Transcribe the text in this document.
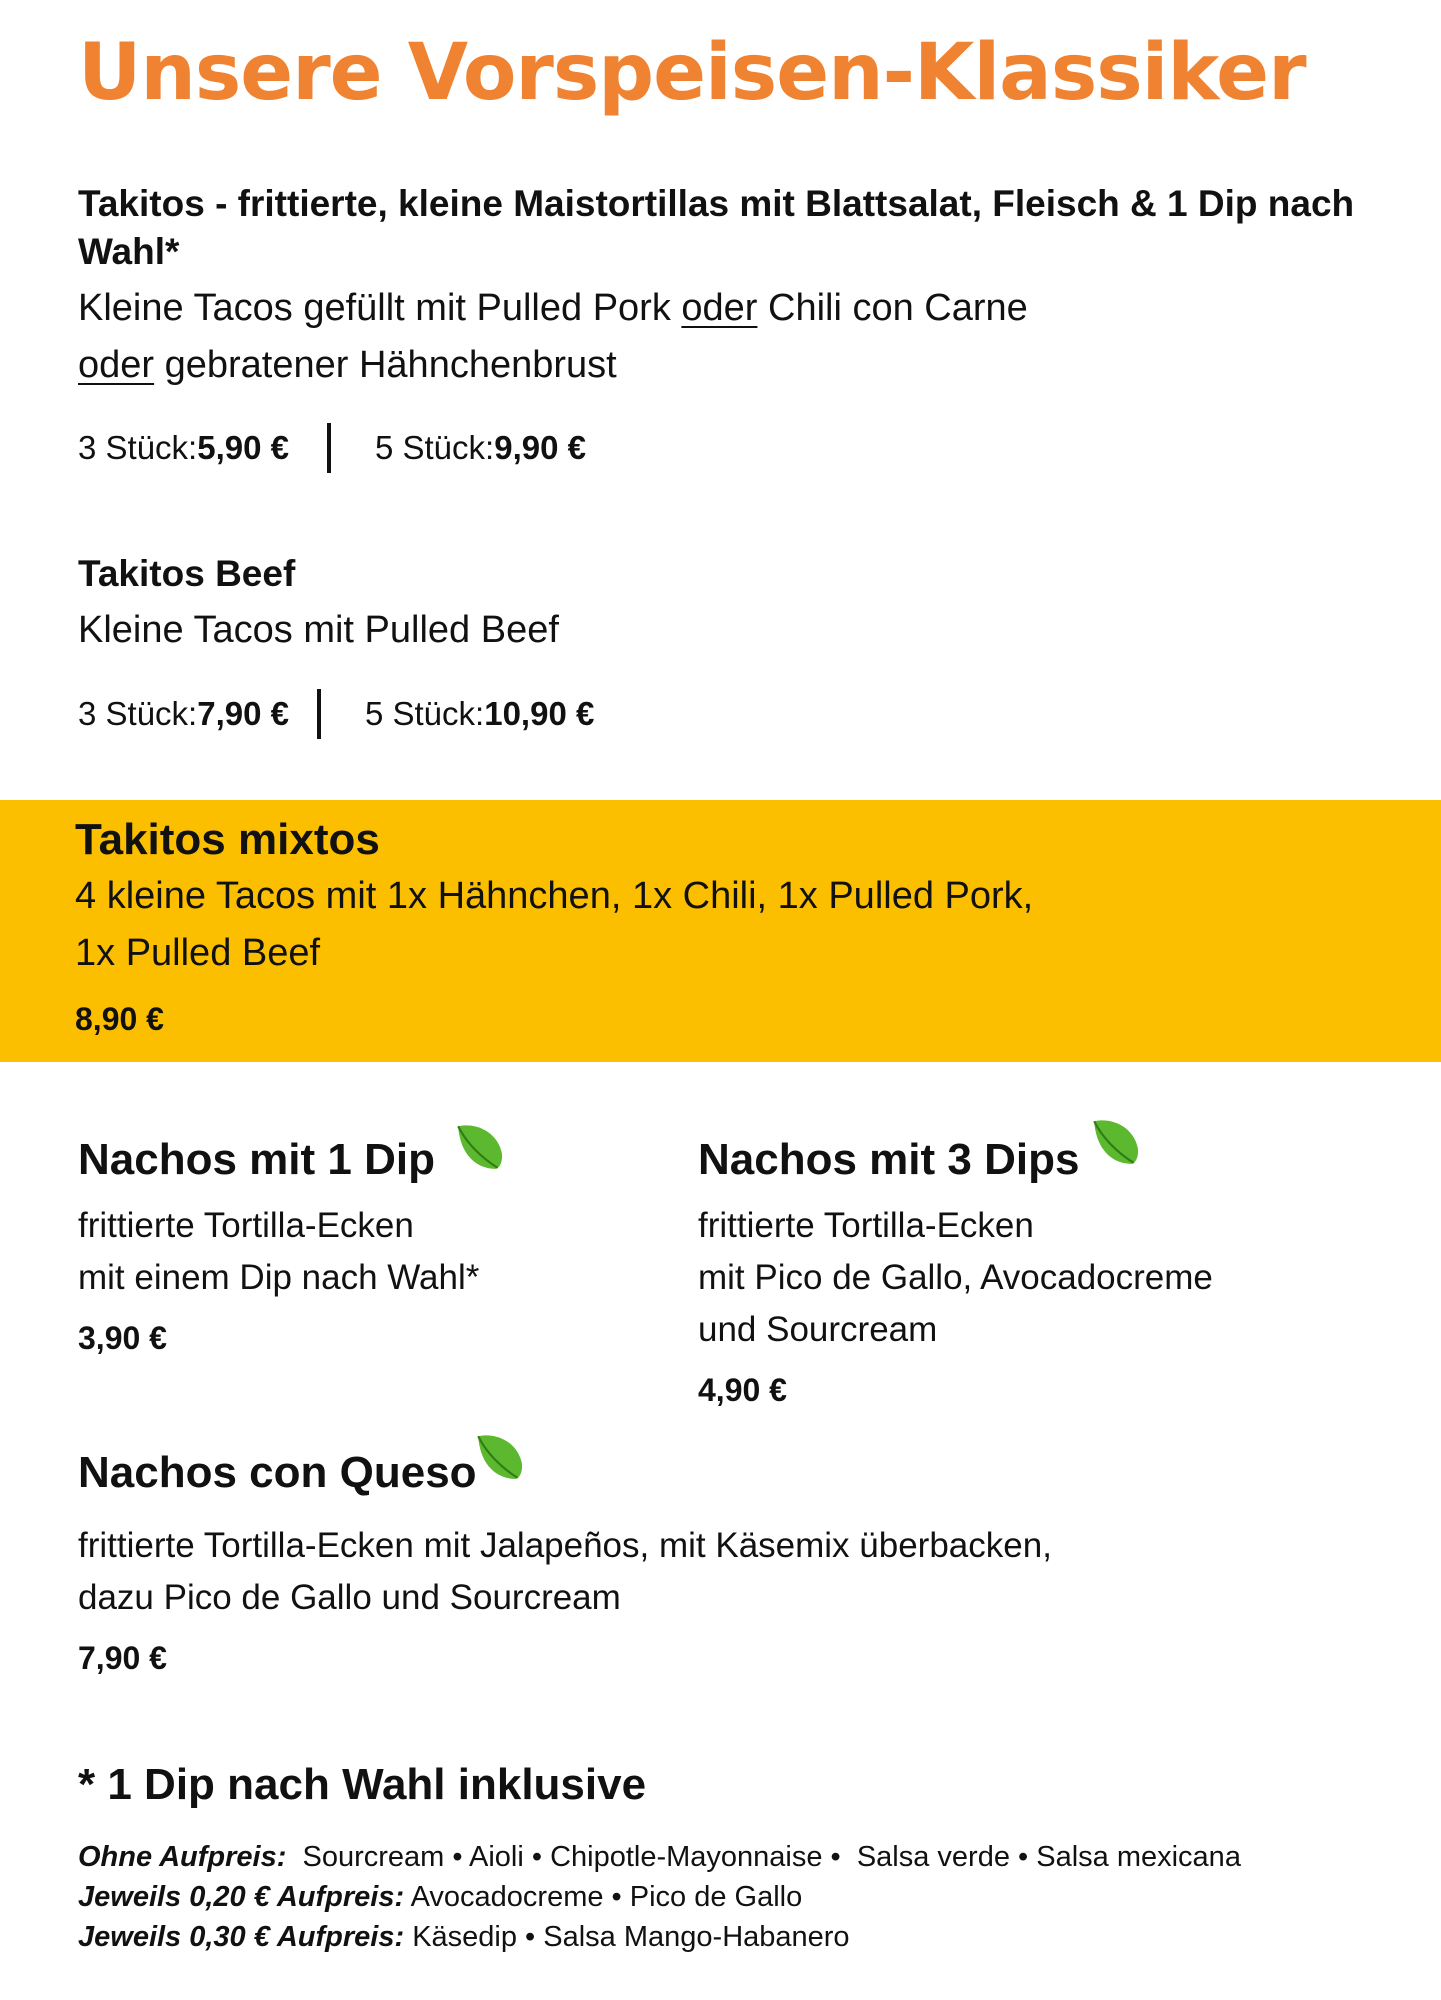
Unsere Vorspeisen-Klassiker
Takitos - frittierte, kleine Maistortillas mit Blattsalat, Fleisch & 1 Dip nach Wahl*
Kleine Tacos gefüllt mit Pulled Pork oder Chili con Carne
oder gebratener Hähnchenbrust
3 Stück: 5,90 €	5 Stück: 9,90 €
Takitos Beef
Kleine Tacos mit Pulled Beef
3 Stück: 7,90 € 5 Stück: 10,90 €
Takitos mixtos
4 kleine Tacos mit 1x Hähnchen, 1x Chili, 1x Pulled Pork,
1x Pulled Beef
8,90 €
Nachos mit 1 Dip
frittierte Tortilla-Ecken
mit einem Dip nach Wahl*
3,90 €
Nachos mit 3 Dips
frittierte Tortilla-Ecken
mit Pico de Gallo, Avocadocreme
und Sourcream
4,90 €
Nachos con Queso
frittierte Tortilla-Ecken mit Jalapeños, mit Käsemix überbacken,
dazu Pico de Gallo und Sourcream
7,90 €
* 1 Dip nach Wahl inklusive
Ohne Aufpreis:  Sourcream • Aioli • Chipotle-Mayonnaise •  Salsa verde • Salsa mexicana
Jeweils 0,20 € Aufpreis: Avocadocreme • Pico de Gallo
Jeweils 0,30 € Aufpreis: Käsedip • Salsa Mango-Habanero
